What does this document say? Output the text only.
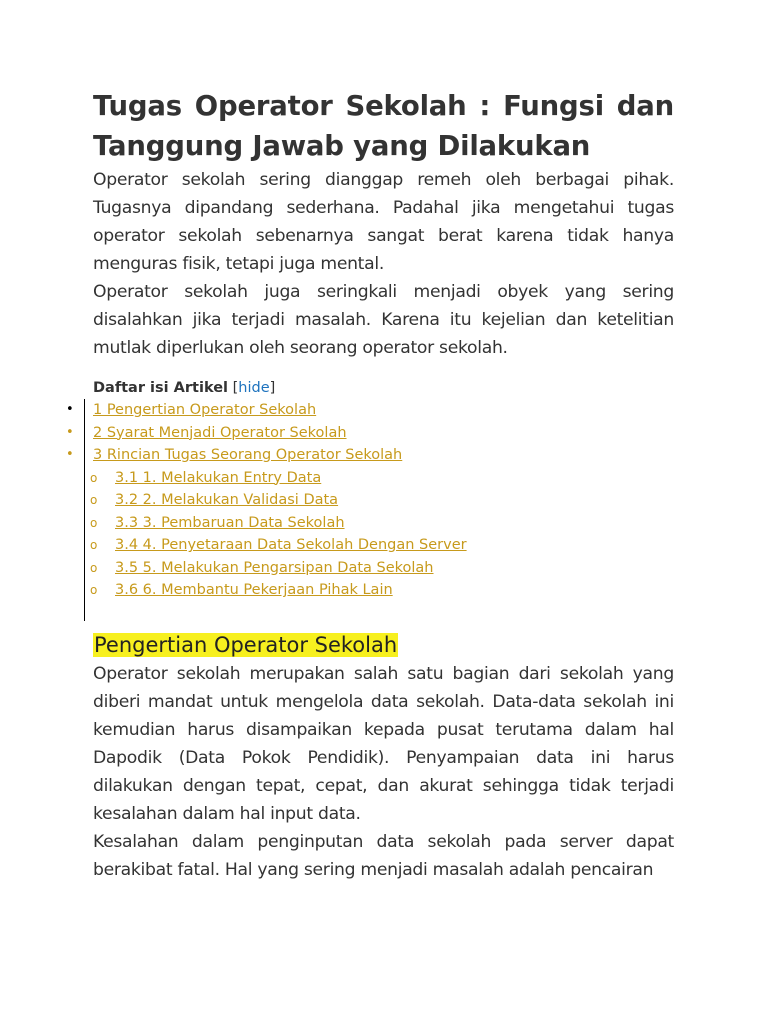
Tugas Operator Sekolah : Fungsi dan Tanggung Jawab yang Dilakukan

Operator sekolah sering dianggap remeh oleh berbagai pihak. Tugasnya dipandang sederhana. Padahal jika mengetahui tugas operator sekolah sebenarnya sangat berat karena tidak hanya menguras fisik, tetapi juga mental.

Operator sekolah juga seringkali menjadi obyek yang sering disalahkan jika terjadi masalah. Karena itu kejelian dan ketelitian mutlak diperlukan oleh seorang operator sekolah.

Daftar isi Artikel [hide]
• 1 Pengertian Operator Sekolah
• 2 Syarat Menjadi Operator Sekolah
• 3 Rincian Tugas Seorang Operator Sekolah
o 3.1 1. Melakukan Entry Data
o 3.2 2. Melakukan Validasi Data
o 3.3 3. Pembaruan Data Sekolah
o 3.4 4. Penyetaraan Data Sekolah Dengan Server
o 3.5 5. Melakukan Pengarsipan Data Sekolah
o 3.6 6. Membantu Pekerjaan Pihak Lain
Pengertian Operator Sekolah

Operator sekolah merupakan salah satu bagian dari sekolah yang diberi mandat untuk mengelola data sekolah. Data-data sekolah ini kemudian harus disampaikan kepada pusat terutama dalam hal Dapodik (Data Pokok Pendidik). Penyampaian data ini harus dilakukan dengan tepat, cepat, dan akurat sehingga tidak terjadi kesalahan dalam hal input data.

Kesalahan dalam penginputan data sekolah pada server dapat berakibat fatal. Hal yang sering menjadi masalah adalah pencairan
